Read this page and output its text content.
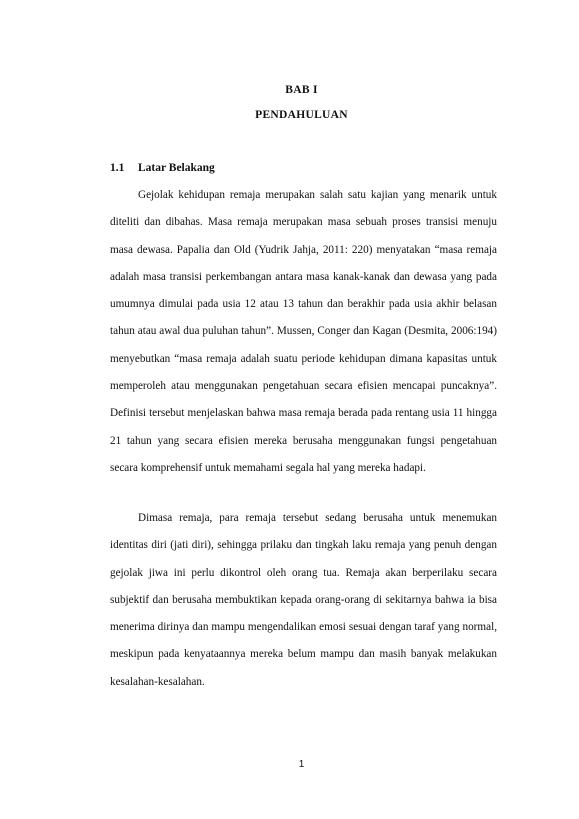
BAB I
PENDAHULUAN
1.1 Latar Belakang

Gejolak kehidupan remaja merupakan salah satu kajian yang menarik untuk diteliti dan dibahas. Masa remaja merupakan masa sebuah proses transisi menuju masa dewasa. Papalia dan Old (Yudrik Jahja, 2011: 220) menyatakan “masa remaja adalah masa transisi perkembangan antara masa kanak-kanak dan dewasa yang pada umumnya dimulai pada usia 12 atau 13 tahun dan berakhir pada usia akhir belasan tahun atau awal dua puluhan tahun”. Mussen, Conger dan Kagan (Desmita, 2006:194) menyebutkan “masa remaja adalah suatu periode kehidupan dimana kapasitas untuk memperoleh atau menggunakan pengetahuan secara efisien mencapai puncaknya”. Definisi tersebut menjelaskan bahwa masa remaja berada pada rentang usia 11 hingga 21 tahun yang secara efisien mereka berusaha menggunakan fungsi pengetahuan secara komprehensif untuk memahami segala hal yang mereka hadapi.

Dimasa remaja, para remaja tersebut sedang berusaha untuk menemukan identitas diri (jati diri), sehingga prilaku dan tingkah laku remaja yang penuh dengan gejolak jiwa ini perlu dikontrol oleh orang tua. Remaja akan berperilaku secara subjektif dan berusaha membuktikan kepada orang-orang di sekitarnya bahwa ia bisa menerima dirinya dan mampu mengendalikan emosi sesuai dengan taraf yang normal, meskipun pada kenyataannya mereka belum mampu dan masih banyak melakukan kesalahan-kesalahan.

1
